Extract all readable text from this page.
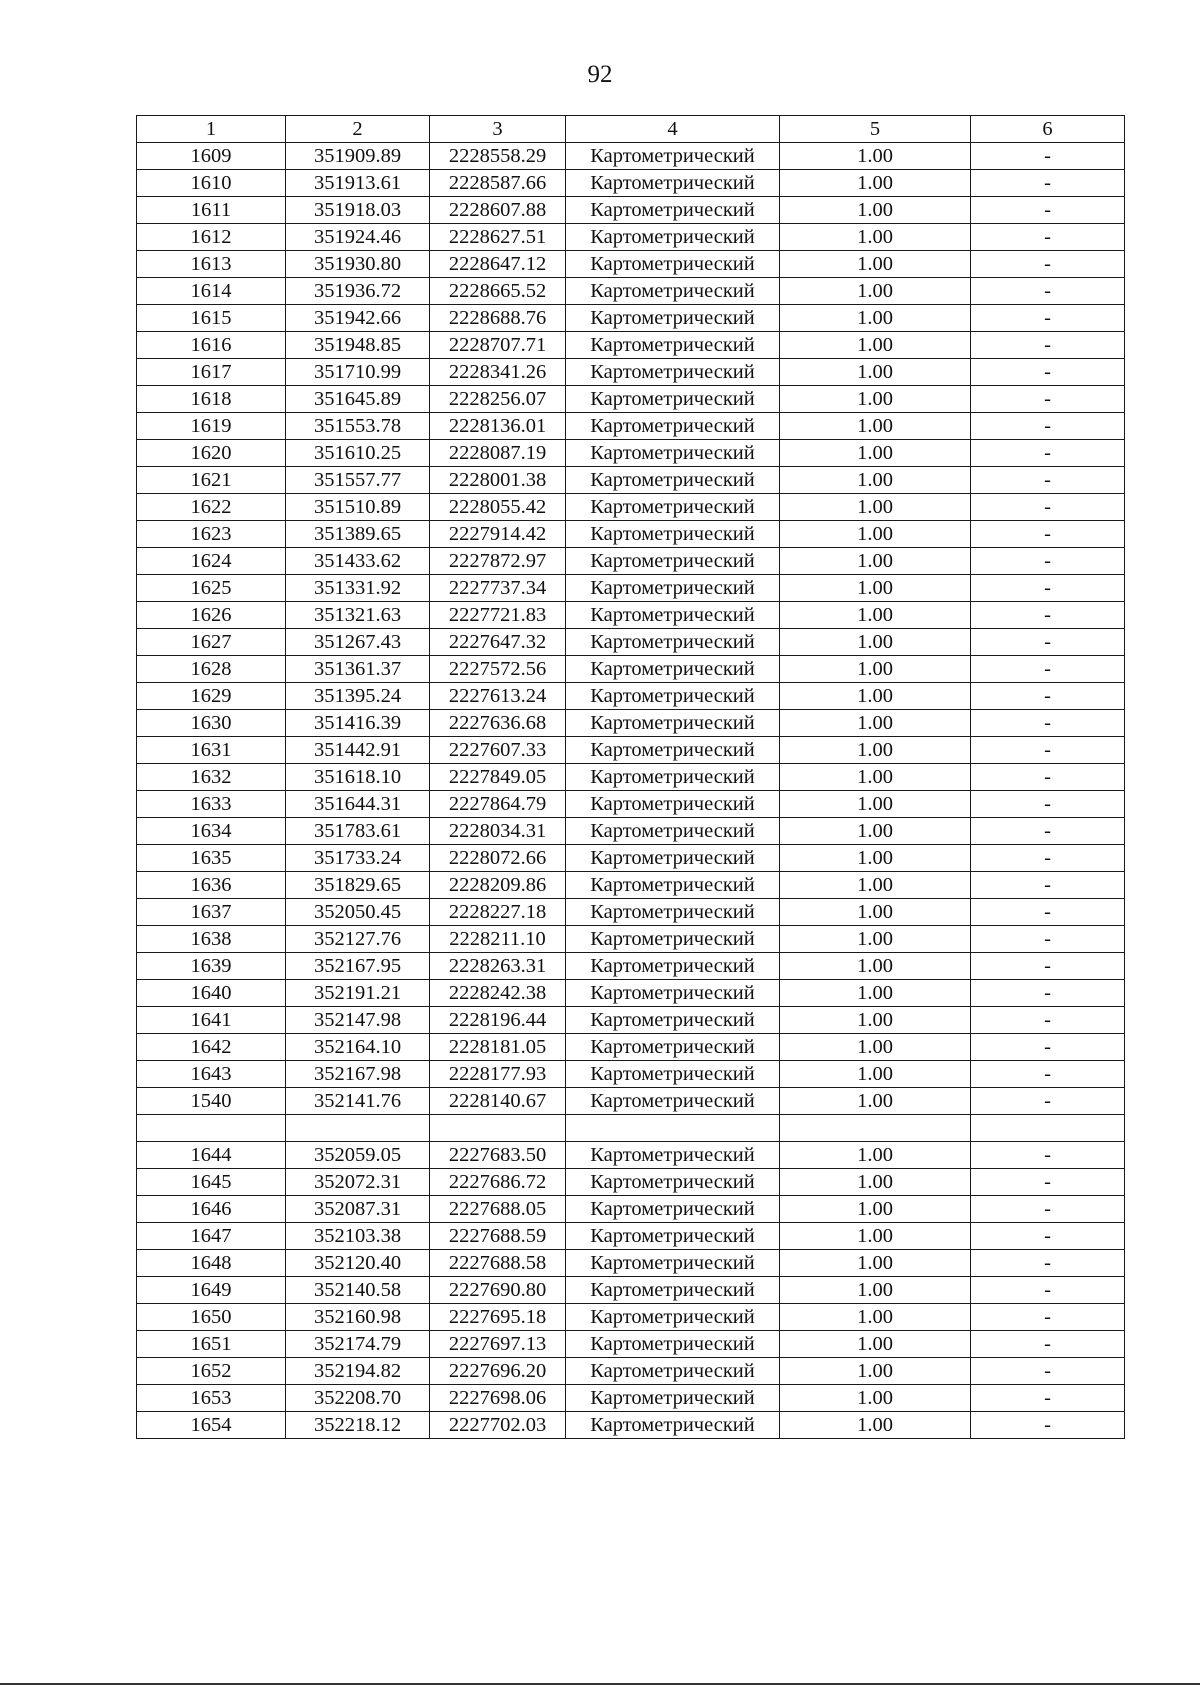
92
1	2	3	4	5	6
1609	351909.89	2228558.29	Картометрический	1.00	-
1610	351913.61	2228587.66	Картометрический	1.00	-
1611	351918.03	2228607.88	Картометрический	1.00	-
1612	351924.46	2228627.51	Картометрический	1.00	-
1613	351930.80	2228647.12	Картометрический	1.00	-
1614	351936.72	2228665.52	Картометрический	1.00	-
1615	351942.66	2228688.76	Картометрический	1.00	-
1616	351948.85	2228707.71	Картометрический	1.00	-
1617	351710.99	2228341.26	Картометрический	1.00	-
1618	351645.89	2228256.07	Картометрический	1.00	-
1619	351553.78	2228136.01	Картометрический	1.00	-
1620	351610.25	2228087.19	Картометрический	1.00	-
1621	351557.77	2228001.38	Картометрический	1.00	-
1622	351510.89	2228055.42	Картометрический	1.00	-
1623	351389.65	2227914.42	Картометрический	1.00	-
1624	351433.62	2227872.97	Картометрический	1.00	-
1625	351331.92	2227737.34	Картометрический	1.00	-
1626	351321.63	2227721.83	Картометрический	1.00	-
1627	351267.43	2227647.32	Картометрический	1.00	-
1628	351361.37	2227572.56	Картометрический	1.00	-
1629	351395.24	2227613.24	Картометрический	1.00	-
1630	351416.39	2227636.68	Картометрический	1.00	-
1631	351442.91	2227607.33	Картометрический	1.00	-
1632	351618.10	2227849.05	Картометрический	1.00	-
1633	351644.31	2227864.79	Картометрический	1.00	-
1634	351783.61	2228034.31	Картометрический	1.00	-
1635	351733.24	2228072.66	Картометрический	1.00	-
1636	351829.65	2228209.86	Картометрический	1.00	-
1637	352050.45	2228227.18	Картометрический	1.00	-
1638	352127.76	2228211.10	Картометрический	1.00	-
1639	352167.95	2228263.31	Картометрический	1.00	-
1640	352191.21	2228242.38	Картометрический	1.00	-
1641	352147.98	2228196.44	Картометрический	1.00	-
1642	352164.10	2228181.05	Картометрический	1.00	-
1643	352167.98	2228177.93	Картометрический	1.00	-
1540	352141.76	2228140.67	Картометрический	1.00	-

1644	352059.05	2227683.50	Картометрический	1.00	-
1645	352072.31	2227686.72	Картометрический	1.00	-
1646	352087.31	2227688.05	Картометрический	1.00	-
1647	352103.38	2227688.59	Картометрический	1.00	-
1648	352120.40	2227688.58	Картометрический	1.00	-
1649	352140.58	2227690.80	Картометрический	1.00	-
1650	352160.98	2227695.18	Картометрический	1.00	-
1651	352174.79	2227697.13	Картометрический	1.00	-
1652	352194.82	2227696.20	Картометрический	1.00	-
1653	352208.70	2227698.06	Картометрический	1.00	-
1654	352218.12	2227702.03	Картометрический	1.00	-
